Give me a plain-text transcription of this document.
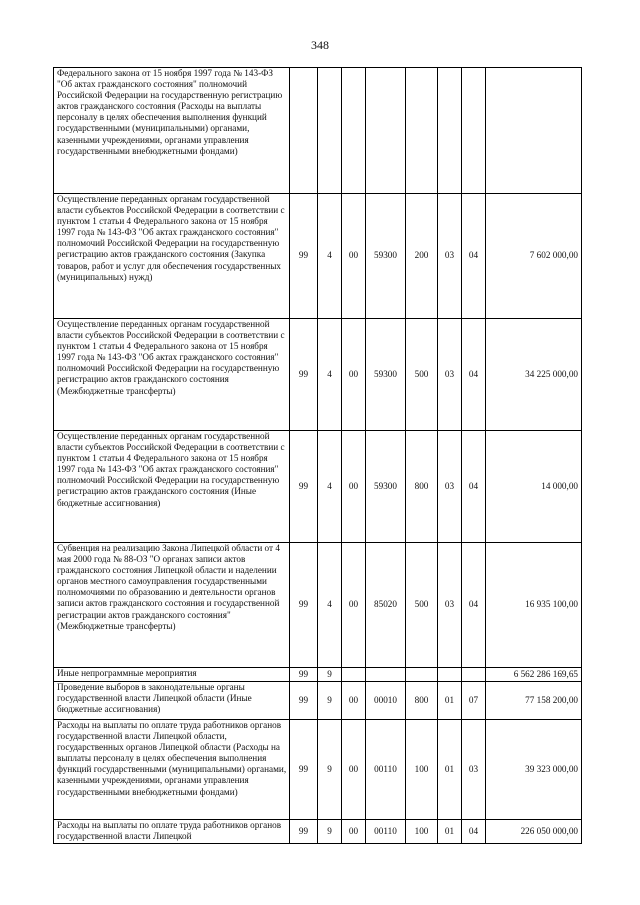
348
Федерального закона от 15 ноября 1997 года № 143-ФЗ "Об актах гражданского состояния" полномочий Российской Федерации на государственную регистрацию актов гражданского состояния (Расходы на выплаты персоналу в целях обеспечения выполнения функций государственными (муниципальными) органами, казенными учреждениями, органами управления государственными внебюджетными фондами)								
Осуществление переданных органам государственной власти субъектов Российской Федерации в соответствии с пунктом 1 статьи 4 Федерального закона от 15 ноября 1997 года № 143-ФЗ "Об актах гражданского состояния" полномочий Российской Федерации на государственную регистрацию актов гражданского состояния (Закупка товаров, работ и услуг для обеспечения государственных (муниципальных) нужд)	99	4	00	59300	200	03	04	7 602 000,00
Осуществление переданных органам государственной власти субъектов Российской Федерации в соответствии с пунктом 1 статьи 4 Федерального закона от 15 ноября 1997 года № 143-ФЗ "Об актах гражданского состояния" полномочий Российской Федерации на государственную регистрацию актов гражданского состояния (Межбюджетные трансферты)	99	4	00	59300	500	03	04	34 225 000,00
Осуществление переданных органам государственной власти субъектов Российской Федерации в соответствии с пунктом 1 статьи 4 Федерального закона от 15 ноября 1997 года № 143-ФЗ "Об актах гражданского состояния" полномочий Российской Федерации на государственную регистрацию актов гражданского состояния (Иные бюджетные ассигнования)	99	4	00	59300	800	03	04	14 000,00
Субвенция на реализацию Закона Липецкой области от 4 мая 2000 года № 88-ОЗ "О органах записи актов гражданского состояния Липецкой области и наделении органов местного самоуправления государственными полномочиями по образованию и деятельности органов записи актов гражданского состояния и государственной регистрации актов гражданского состояния" (Межбюджетные трансферты)	99	4	00	85020	500	03	04	16 935 100,00
Иные непрограммные мероприятия	99	9						6 562 286 169,65
Проведение выборов в законодательные органы государственной власти Липецкой области (Иные бюджетные ассигнования)	99	9	00	00010	800	01	07	77 158 200,00
Расходы на выплаты по оплате труда работников органов государственной власти Липецкой области, государственных органов Липецкой области (Расходы на выплаты персоналу в целях обеспечения выполнения функций государственными (муниципальными) органами, казенными учреждениями, органами управления государственными внебюджетными фондами)	99	9	00	00110	100	01	03	39 323 000,00
Расходы на выплаты по оплате труда работников органов государственной власти Липецкой	99	9	00	00110	100	01	04	226 050 000,00
